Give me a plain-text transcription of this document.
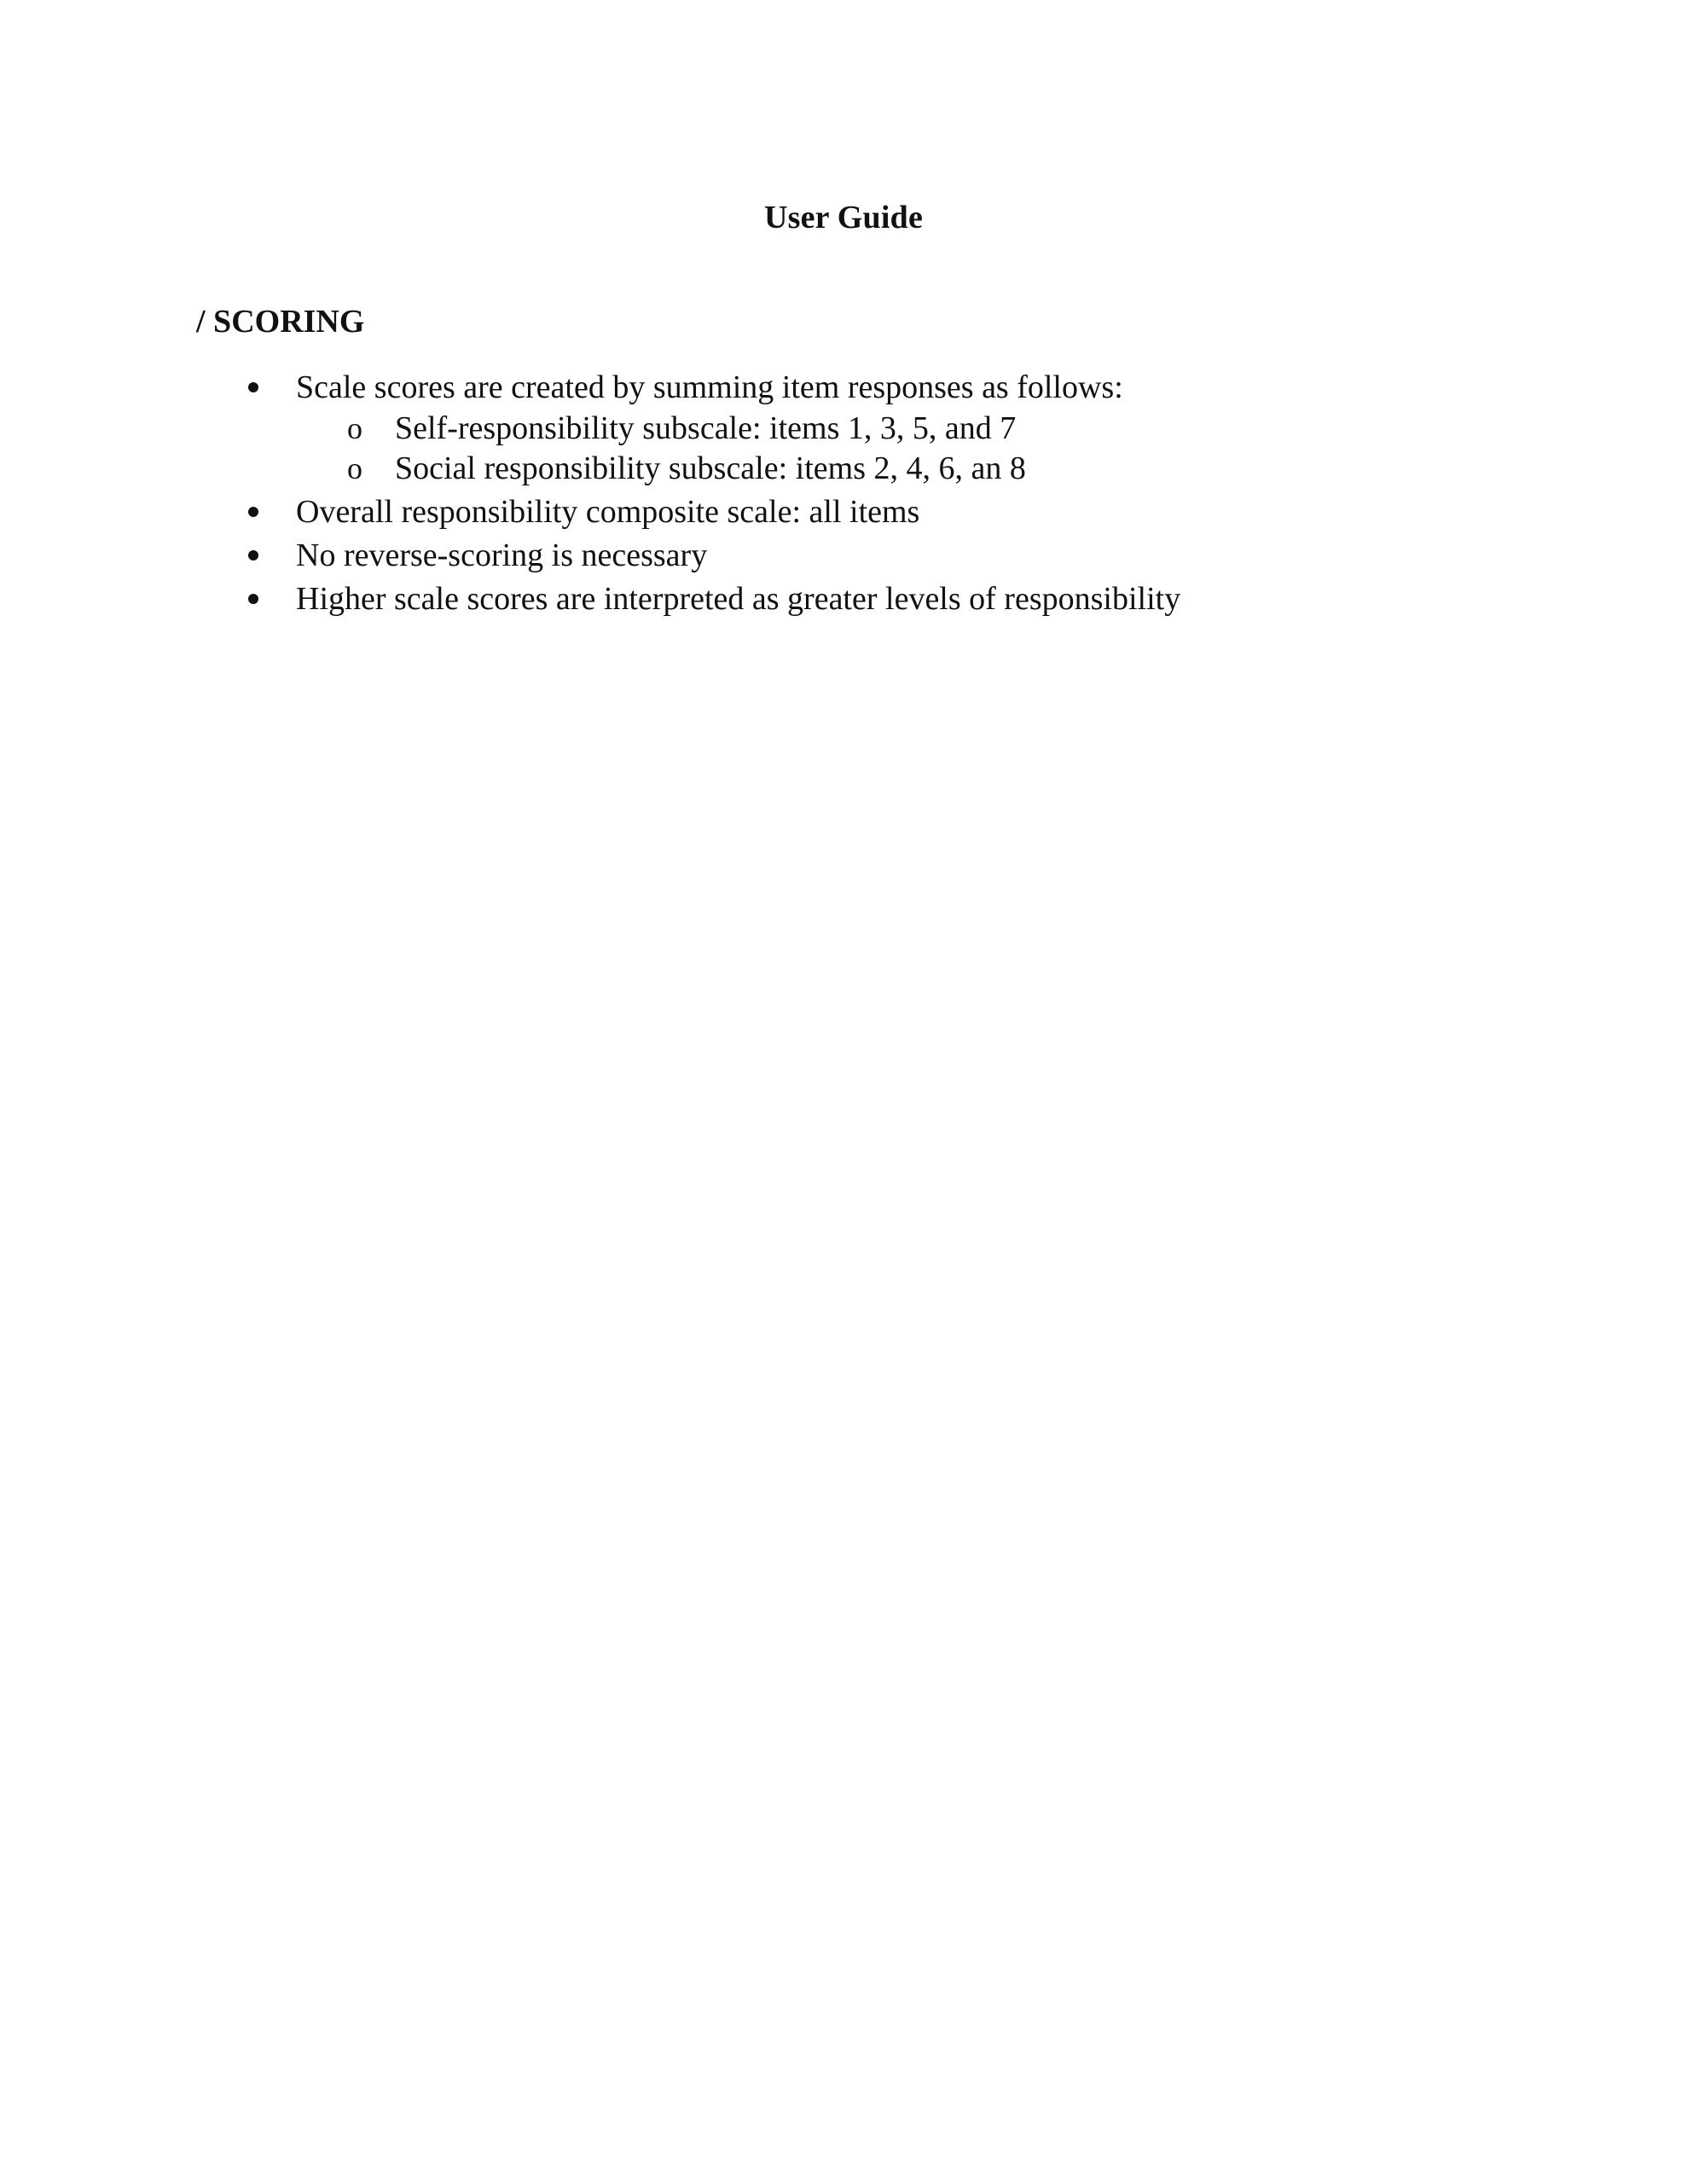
User Guide
/ SCORING
Scale scores are created by summing item responses as follows:
o Self-responsibility subscale: items 1, 3, 5, and 7
o Social responsibility subscale: items 2, 4, 6, an 8
Overall responsibility composite scale: all items
No reverse-scoring is necessary
Higher scale scores are interpreted as greater levels of responsibility
